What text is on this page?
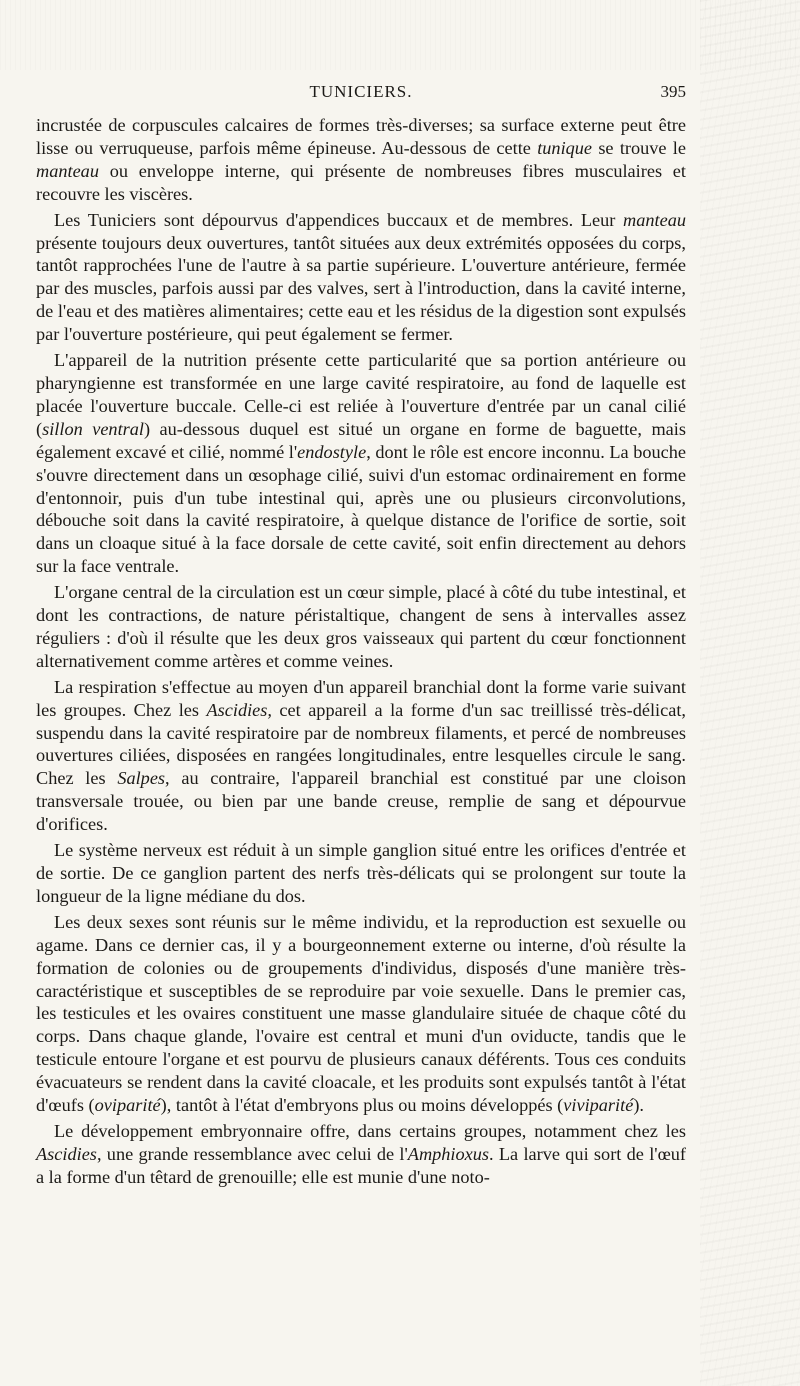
TUNICIERS.	395

incrustée de corpuscules calcaires de formes très-diverses; sa surface externe peut être lisse ou verruqueuse, parfois même épineuse. Au-dessous de cette tunique se trouve le manteau ou enveloppe interne, qui présente de nombreuses fibres musculaires et recouvre les viscères.

Les Tuniciers sont dépourvus d'appendices buccaux et de membres. Leur manteau présente toujours deux ouvertures, tantôt situées aux deux extrémités opposées du corps, tantôt rapprochées l'une de l'autre à sa partie supérieure. L'ouverture antérieure, fermée par des muscles, parfois aussi par des valves, sert à l'introduction, dans la cavité interne, de l'eau et des matières alimentaires; cette eau et les résidus de la digestion sont expulsés par l'ouverture postérieure, qui peut également se fermer.

L'appareil de la nutrition présente cette particularité que sa portion antérieure ou pharyngienne est transformée en une large cavité respiratoire, au fond de laquelle est placée l'ouverture buccale. Celle-ci est reliée à l'ouverture d'entrée par un canal cilié (sillon ventral) au-dessous duquel est situé un organe en forme de baguette, mais également excavé et cilié, nommé l'endostyle, dont le rôle est encore inconnu. La bouche s'ouvre directement dans un œsophage cilié, suivi d'un estomac ordinairement en forme d'entonnoir, puis d'un tube intestinal qui, après une ou plusieurs circonvolutions, débouche soit dans la cavité respiratoire, à quelque distance de l'orifice de sortie, soit dans un cloaque situé à la face dorsale de cette cavité, soit enfin directement au dehors sur la face ventrale.

L'organe central de la circulation est un cœur simple, placé à côté du tube intestinal, et dont les contractions, de nature péristaltique, changent de sens à intervalles assez réguliers : d'où il résulte que les deux gros vaisseaux qui partent du cœur fonctionnent alternativement comme artères et comme veines.

La respiration s'effectue au moyen d'un appareil branchial dont la forme varie suivant les groupes. Chez les Ascidies, cet appareil a la forme d'un sac treillissé très-délicat, suspendu dans la cavité respiratoire par de nombreux filaments, et percé de nombreuses ouvertures ciliées, disposées en rangées longitudinales, entre lesquelles circule le sang. Chez les Salpes, au contraire, l'appareil branchial est constitué par une cloison transversale trouée, ou bien par une bande creuse, remplie de sang et dépourvue d'orifices.

Le système nerveux est réduit à un simple ganglion situé entre les orifices d'entrée et de sortie. De ce ganglion partent des nerfs très-délicats qui se prolongent sur toute la longueur de la ligne médiane du dos.

Les deux sexes sont réunis sur le même individu, et la reproduction est sexuelle ou agame. Dans ce dernier cas, il y a bourgeonnement externe ou interne, d'où résulte la formation de colonies ou de groupements d'individus, disposés d'une manière très-caractéristique et susceptibles de se reproduire par voie sexuelle. Dans le premier cas, les testicules et les ovaires constituent une masse glandulaire située de chaque côté du corps. Dans chaque glande, l'ovaire est central et muni d'un oviducte, tandis que le testicule entoure l'organe et est pourvu de plusieurs canaux déférents. Tous ces conduits évacuateurs se rendent dans la cavité cloacale, et les produits sont expulsés tantôt à l'état d'œufs (oviparité), tantôt à l'état d'embryons plus ou moins développés (viviparité).

Le développement embryonnaire offre, dans certains groupes, notamment chez les Ascidies, une grande ressemblance avec celui de l'Amphioxus. La larve qui sort de l'œuf a la forme d'un têtard de grenouille; elle est munie d'une noto-
